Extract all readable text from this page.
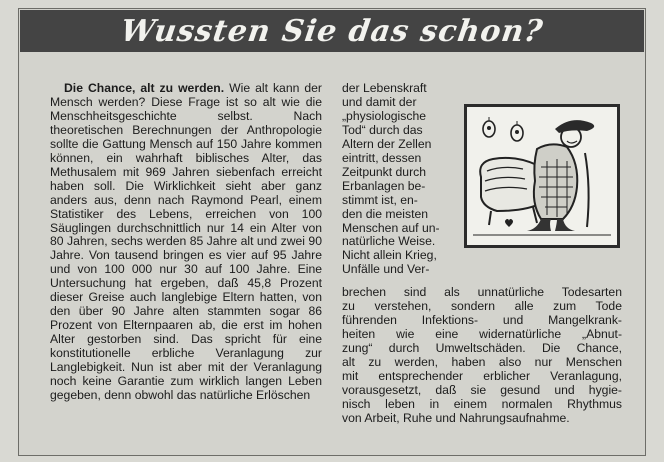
Wussten Sie das schon?

Die Chance, alt zu werden. Wie alt kann der Mensch werden? Diese Frage ist so alt wie die Menschheitsgeschichte selbst. Nach theoretischen Berechnungen der Anthropologie sollte die Gattung Mensch auf 150 Jahre kommen können, ein wahrhaft biblisches Alter, das Methusalem mit 969 Jahren siebenfach erreicht haben soll. Die Wirklichkeit sieht aber ganz anders aus, denn nach Raymond Pearl, einem Statistiker des Lebens, erreichen von 100 Säuglingen durchschnittlich nur 14 ein Alter von 80 Jahren, sechs werden 85 Jahre alt und zwei 90 Jahre. Von tausend bringen es vier auf 95 Jahre und von 100 000 nur 30 auf 100 Jahre. Eine Untersuchung hat ergeben, daß 45,8 Prozent dieser Greise auch langlebige Eltern hatten, von den über 90 Jahre alten stammten sogar 86 Prozent von Elternpaaren ab, die erst im hohen Alter gestorben sind. Das spricht für eine konstitutionelle erbliche Veranlagung zur Langlebigkeit. Nun ist aber mit der Veranlagung noch keine Garantie zum wirklich langen Leben gegeben, denn obwohl das natürliche Erlöschen

der Lebenskraft
und damit der
„physiologische
Tod“ durch das
Altern der Zellen
eintritt, dessen
Zeitpunkt durch
Erbanlagen be-
stimmt ist, en-
den die meisten
Menschen auf un-
natürliche Weise.
Nicht allein Krieg,
Unfälle und Ver-
brechen sind als unnatürliche Todesarten
zu verstehen, sondern alle zum Tode
führenden Infektions- und Mangelkrank-
heiten wie eine widernatürliche „Abnut-
zung“ durch Umweltschäden. Die Chance,
alt zu werden, haben also nur Menschen
mit entsprechender erblicher Veranlagung,
vorausgesetzt, daß sie gesund und hygie-
nisch leben in einem normalen Rhythmus
von Arbeit, Ruhe und Nahrungsaufnahme.
